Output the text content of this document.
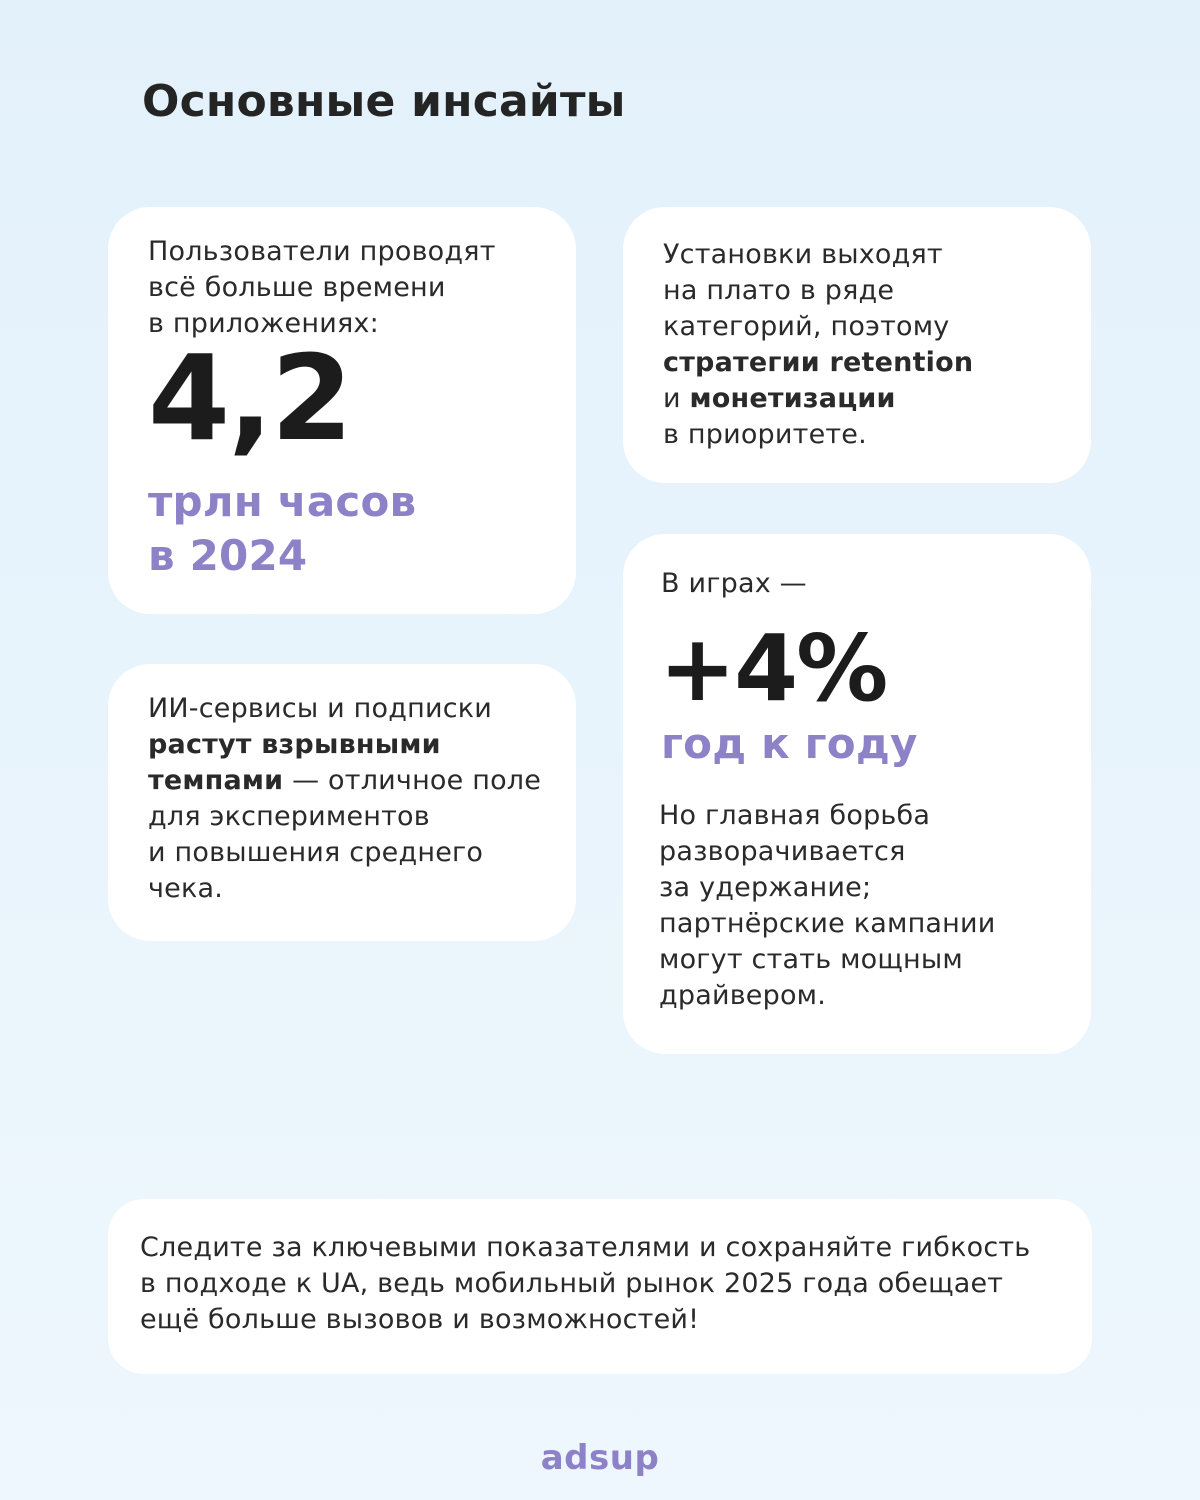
Основные инсайты

Пользователи проводят
всё больше времени
в приложениях:

4,2

трлн часов
в 2024

Установки выходят
на плато в ряде
категорий, поэтому
стратегии retention
и монетизации
в приоритете.

ИИ-сервисы и подписки
растут взрывными
темпами — отличное поле
для экспериментов
и повышения среднего
чека.

В играх —

+4%

год к году

Но главная борьба
разворачивается
за удержание;
партнёрские кампании
могут стать мощным
драйвером.

Следите за ключевыми показателями и сохраняйте гибкость
в подходе к UA, ведь мобильный рынок 2025 года обещает
ещё больше вызовов и возможностей!

adsup
